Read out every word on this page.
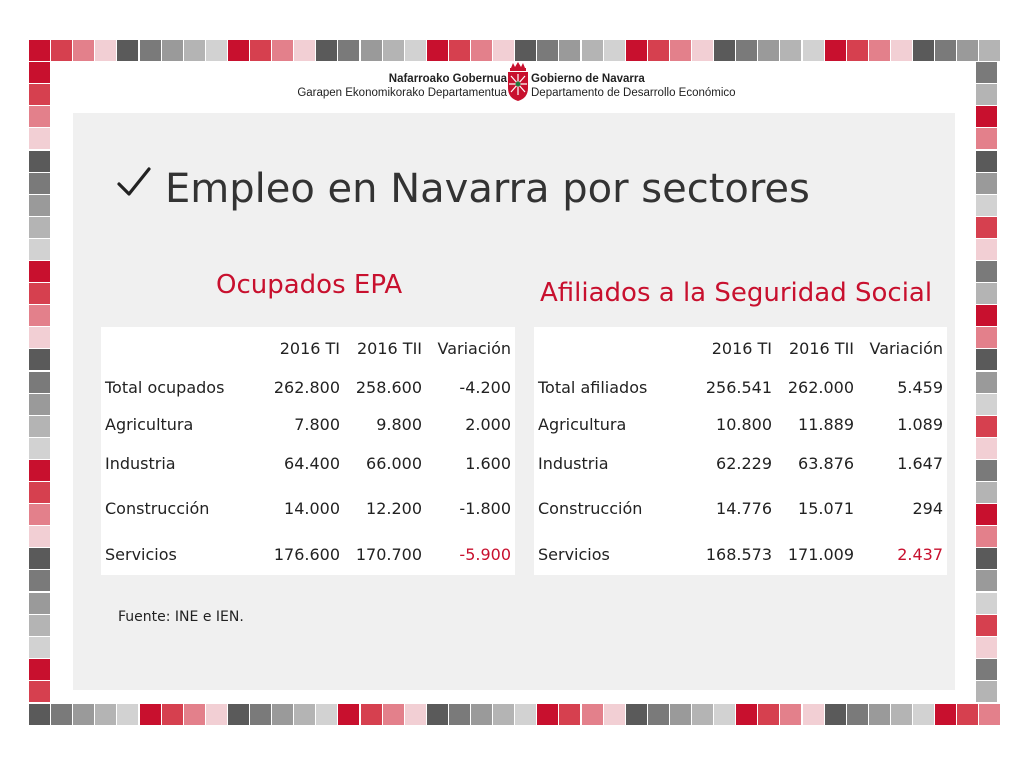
Nafarroako Gobernua
Garapen Ekonomikorako Departamentua
Gobierno de Navarra
Departamento de Desarrollo Económico
Empleo en Navarra por sectores
Ocupados EPA	Afiliados a la Seguridad Social
	2016 TI	2016 TII	Variación
Total ocupados	262.800	258.600	-4.200
Agricultura	7.800	9.800	2.000
Industria	64.400	66.000	1.600
Construcción	14.000	12.200	-1.800
Servicios	176.600	170.700	-5.900
	2016 TI	2016 TII	Variación
Total afiliados	256.541	262.000	5.459
Agricultura	10.800	11.889	1.089
Industria	62.229	63.876	1.647
Construcción	14.776	15.071	294
Servicios	168.573	171.009	2.437
Fuente: INE e IEN.
